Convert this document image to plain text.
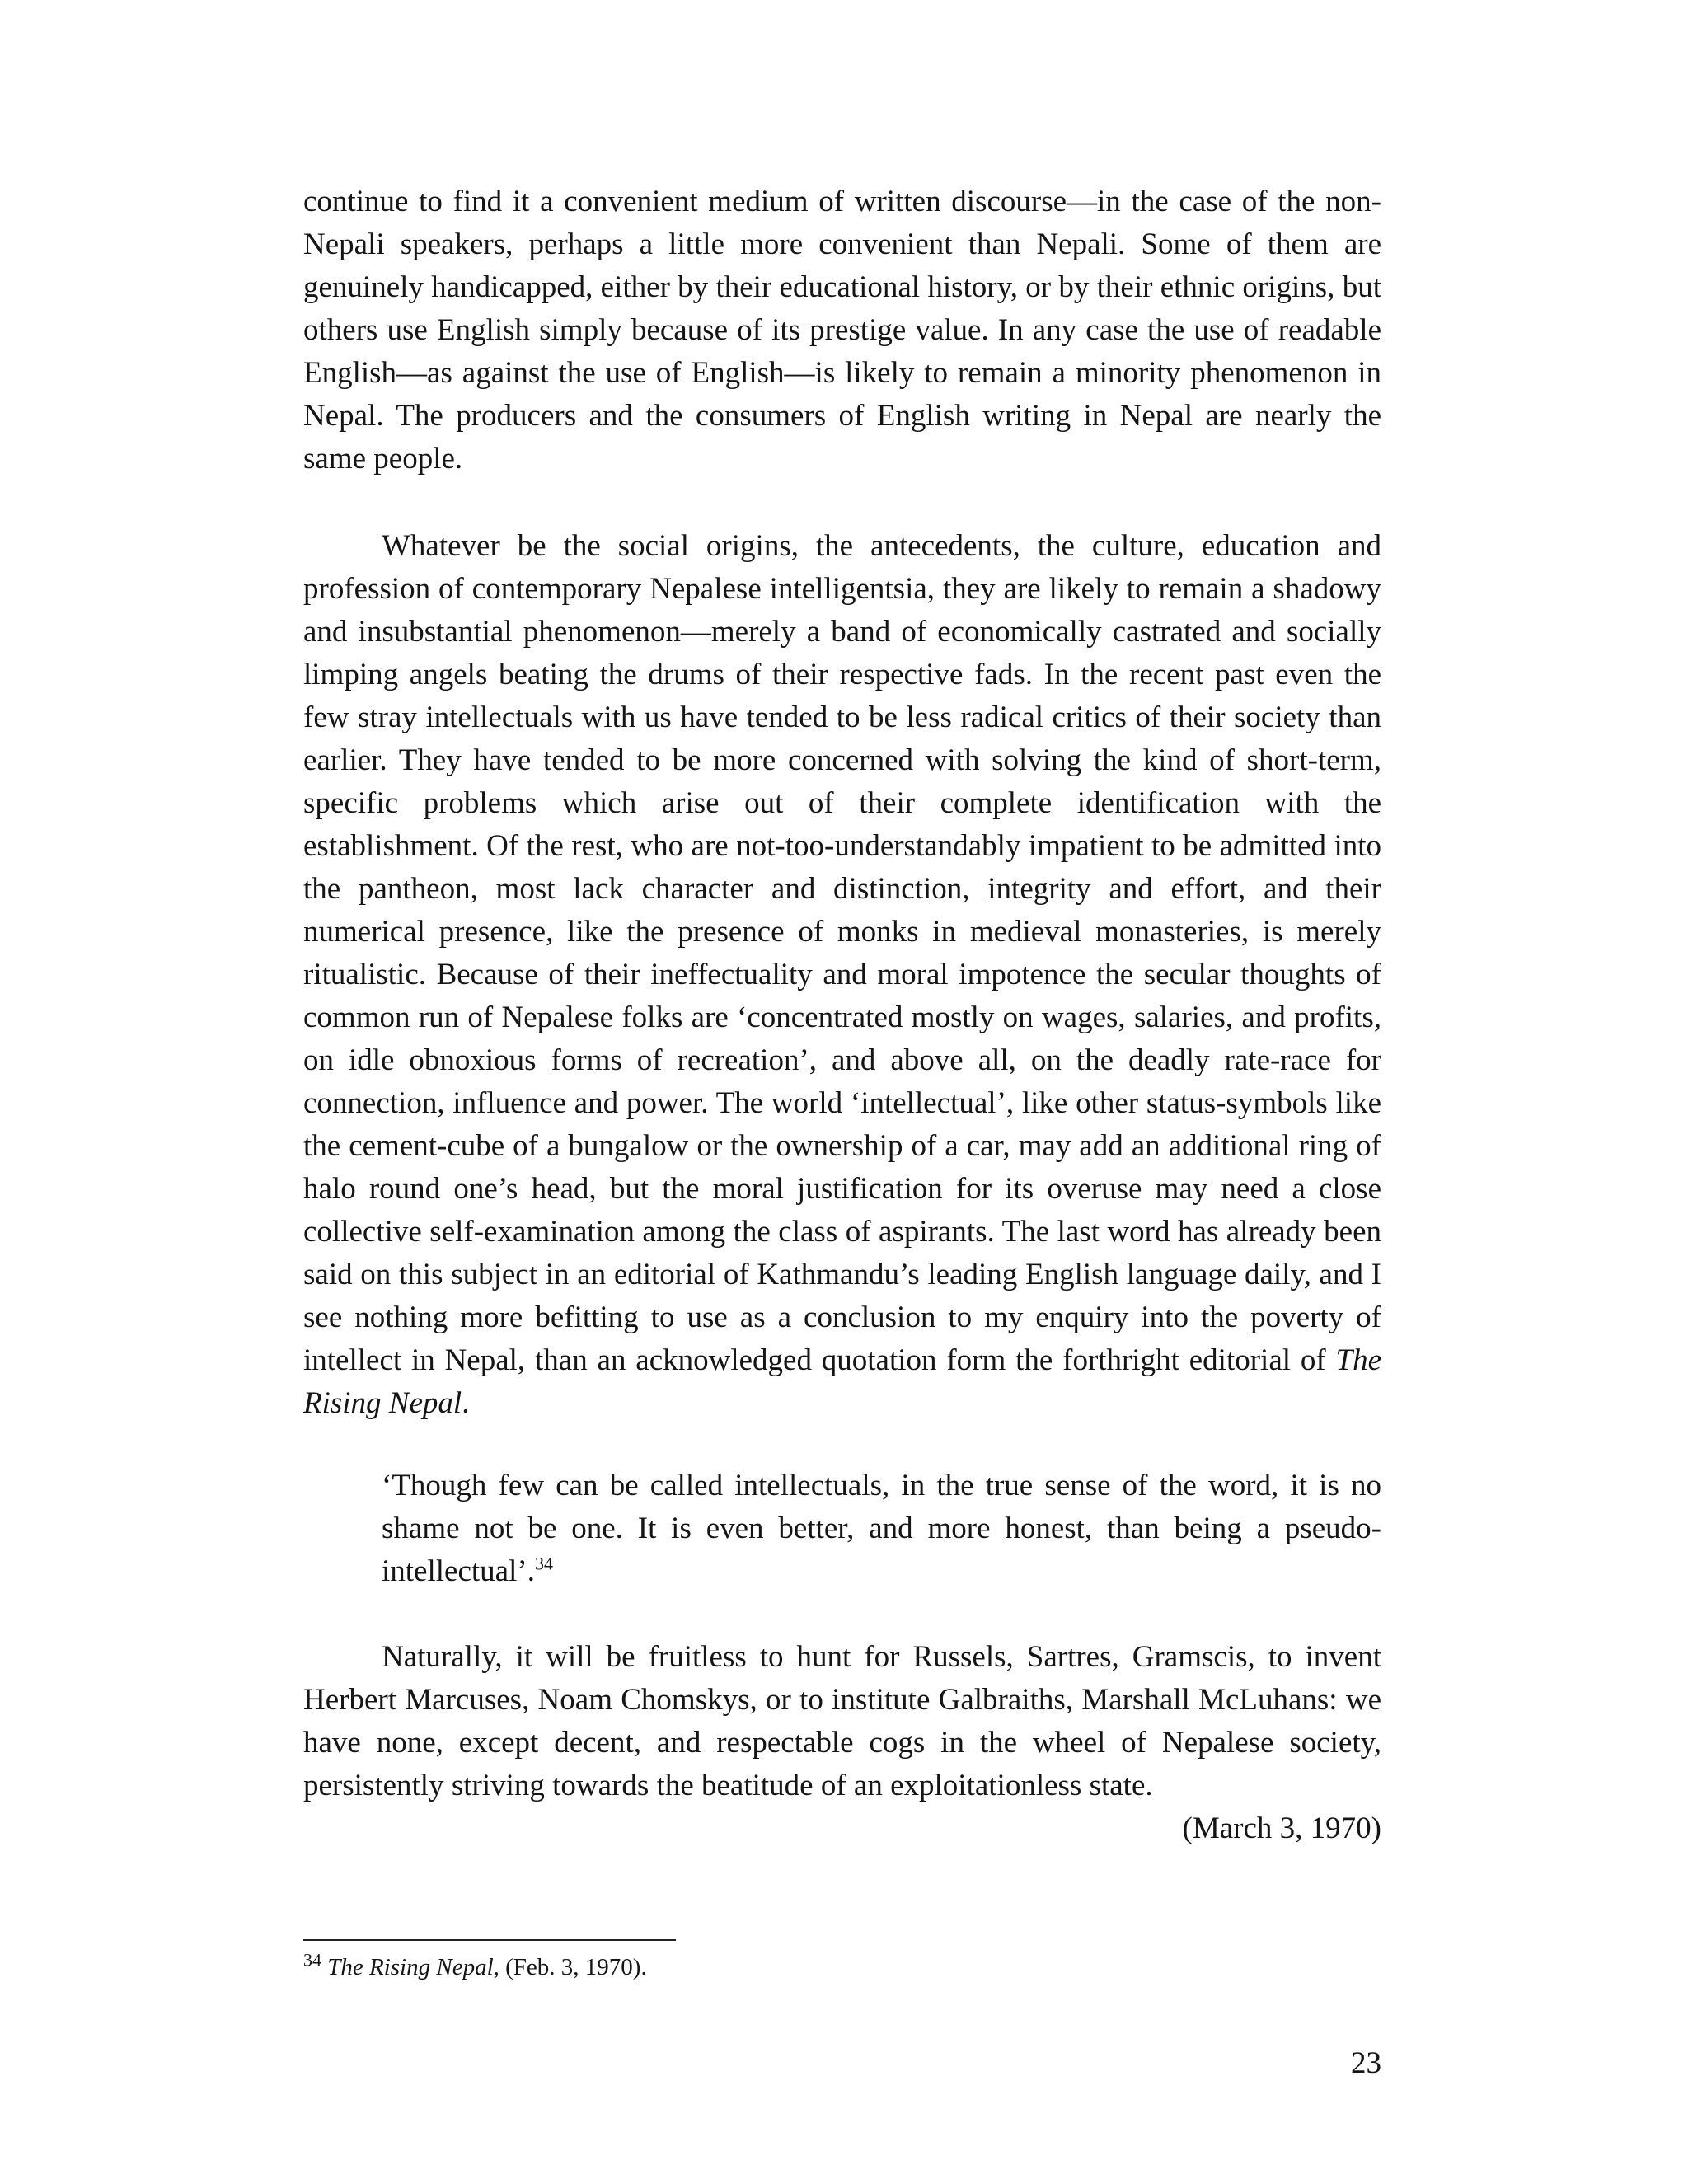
continue to find it a convenient medium of written discourse—in the case of the non-Nepali speakers, perhaps a little more convenient than Nepali. Some of them are genuinely handicapped, either by their educational history, or by their ethnic origins, but others use English simply because of its prestige value. In any case the use of readable English—as against the use of English—is likely to remain a minority phenomenon in Nepal. The producers and the consumers of English writing in Nepal are nearly the same people.

Whatever be the social origins, the antecedents, the culture, education and profession of contemporary Nepalese intelligentsia, they are likely to remain a shadowy and insubstantial phenomenon—merely a band of economically castrated and socially limping angels beating the drums of their respective fads. In the recent past even the few stray intellectuals with us have tended to be less radical critics of their society than earlier. They have tended to be more concerned with solving the kind of short-term, specific problems which arise out of their complete identification with the establishment. Of the rest, who are not-too-understandably impatient to be admitted into the pantheon, most lack character and distinction, integrity and effort, and their numerical presence, like the presence of monks in medieval monasteries, is merely ritualistic. Because of their ineffectuality and moral impotence the secular thoughts of common run of Nepalese folks are ‘concentrated mostly on wages, salaries, and profits, on idle obnoxious forms of recreation’, and above all, on the deadly rate-race for connection, influence and power. The world ‘intellectual’, like other status-symbols like the cement-cube of a bungalow or the ownership of a car, may add an additional ring of halo round one’s head, but the moral justification for its overuse may need a close collective self-examination among the class of aspirants. The last word has already been said on this subject in an editorial of Kathmandu’s leading English language daily, and I see nothing more befitting to use as a conclusion to my enquiry into the poverty of intellect in Nepal, than an acknowledged quotation form the forthright editorial of The Rising Nepal.

‘Though few can be called intellectuals, in the true sense of the word, it is no shame not be one. It is even better, and more honest, than being a pseudo-intellectual’.$^{34}$

Naturally, it will be fruitless to hunt for Russels, Sartres, Gramscis, to invent Herbert Marcuses, Noam Chomskys, or to institute Galbraiths, Marshall McLuhans: we have none, except decent, and respectable cogs in the wheel of Nepalese society, persistently striving towards the beatitude of an exploitationless state.

(March 3, 1970)

$^{34}$ The Rising Nepal, (Feb. 3, 1970).

23
